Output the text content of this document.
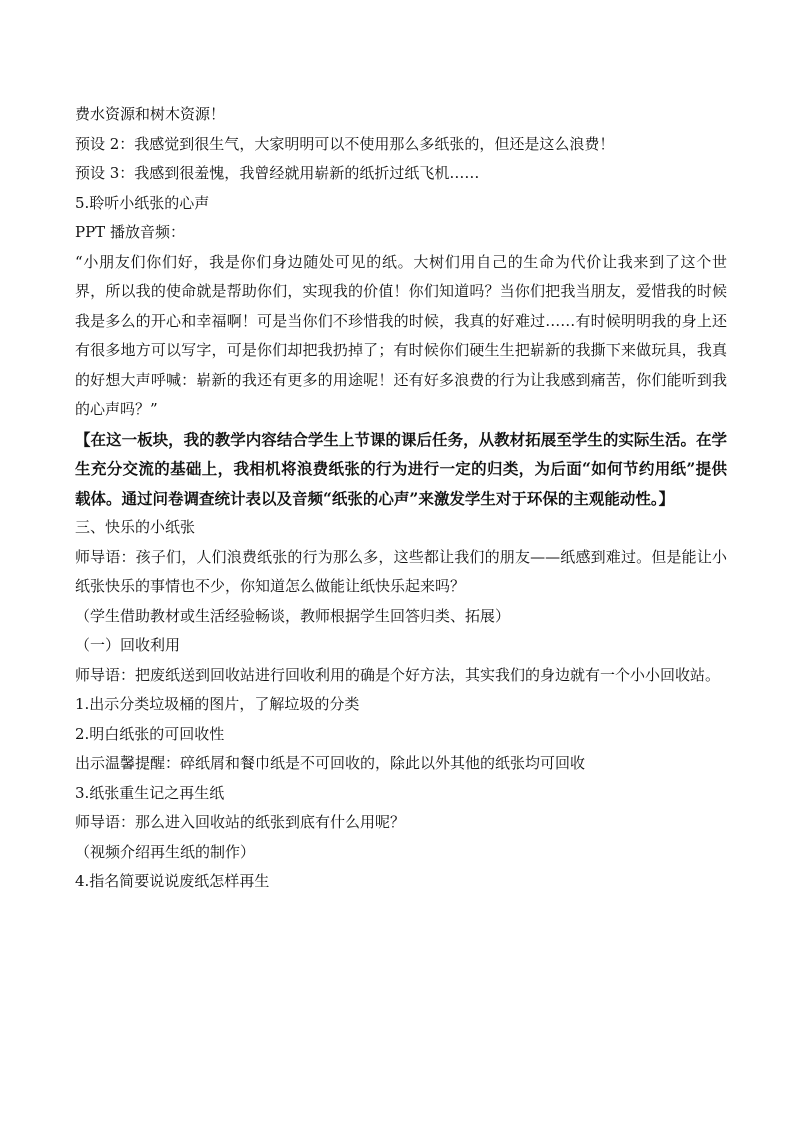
费水资源和树木资源！

预设 2：我感觉到很生气，大家明明可以不使用那么多纸张的，但还是这么浪费！

预设 3：我感到很羞愧，我曾经就用崭新的纸折过纸飞机……

5.聆听小纸张的心声

PPT 播放音频：

“小朋友们你们好，我是你们身边随处可见的纸。大树们用自己的生命为代价让我来到了这个世界，所以我的使命就是帮助你们，实现我的价值！你们知道吗？当你们把我当朋友，爱惜我的时候我是多么的开心和幸福啊！可是当你们不珍惜我的时候，我真的好难过……有时候明明我的身上还有很多地方可以写字，可是你们却把我扔掉了；有时候你们硬生生把崭新的我撕下来做玩具，我真的好想大声呼喊：崭新的我还有更多的用途呢！还有好多浪费的行为让我感到痛苦，你们能听到我的心声吗？”

【在这一板块，我的教学内容结合学生上节课的课后任务，从教材拓展至学生的实际生活。在学生充分交流的基础上，我相机将浪费纸张的行为进行一定的归类，为后面“如何节约用纸”提供载体。通过问卷调查统计表以及音频“纸张的心声”来激发学生对于环保的主观能动性。】

三、快乐的小纸张

师导语：孩子们，人们浪费纸张的行为那么多，这些都让我们的朋友——纸感到难过。但是能让小纸张快乐的事情也不少，你知道怎么做能让纸快乐起来吗？

（学生借助教材或生活经验畅谈，教师根据学生回答归类、拓展）

（一）回收利用

师导语：把废纸送到回收站进行回收利用的确是个好方法，其实我们的身边就有一个小小回收站。

1.出示分类垃圾桶的图片，了解垃圾的分类

2.明白纸张的可回收性

出示温馨提醒：碎纸屑和餐巾纸是不可回收的，除此以外其他的纸张均可回收

3.纸张重生记之再生纸

师导语：那么进入回收站的纸张到底有什么用呢？

（视频介绍再生纸的制作）

4.指名简要说说废纸怎样再生
